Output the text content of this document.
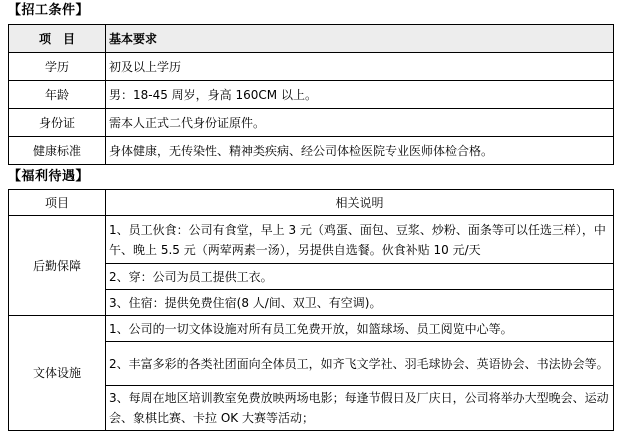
【招工条件】
项　目	基本要求
学历	初及以上学历
年龄	男：18-45 周岁，身高 160CM 以上。
身份证	需本人正式二代身份证原件。
健康标准	身体健康，无传染性、精神类疾病、经公司体检医院专业医师体检合格。
【福利待遇】
项目	相关说明
后勤保障	1、员工伙食：公司有食堂，早上 3 元（鸡蛋、面包、豆浆、炒粉、面条等可以任选三样），中午、晚上 5.5 元（两荤两素一汤），另提供自选餐。伙食补贴 10 元/天
	2、穿：公司为员工提供工衣。
	3、住宿：提供免费住宿(8 人/间、双卫、有空调)。
文体设施	1、公司的一切文体设施对所有员工免费开放，如篮球场、员工阅览中心等。
	2、丰富多彩的各类社团面向全体员工，如齐飞文学社、羽毛球协会、英语协会、书法协会等。
	3、每周在地区培训教室免费放映两场电影；每逢节假日及厂庆日，公司将举办大型晚会、运动会、象棋比赛、卡拉 OK 大赛等活动；
